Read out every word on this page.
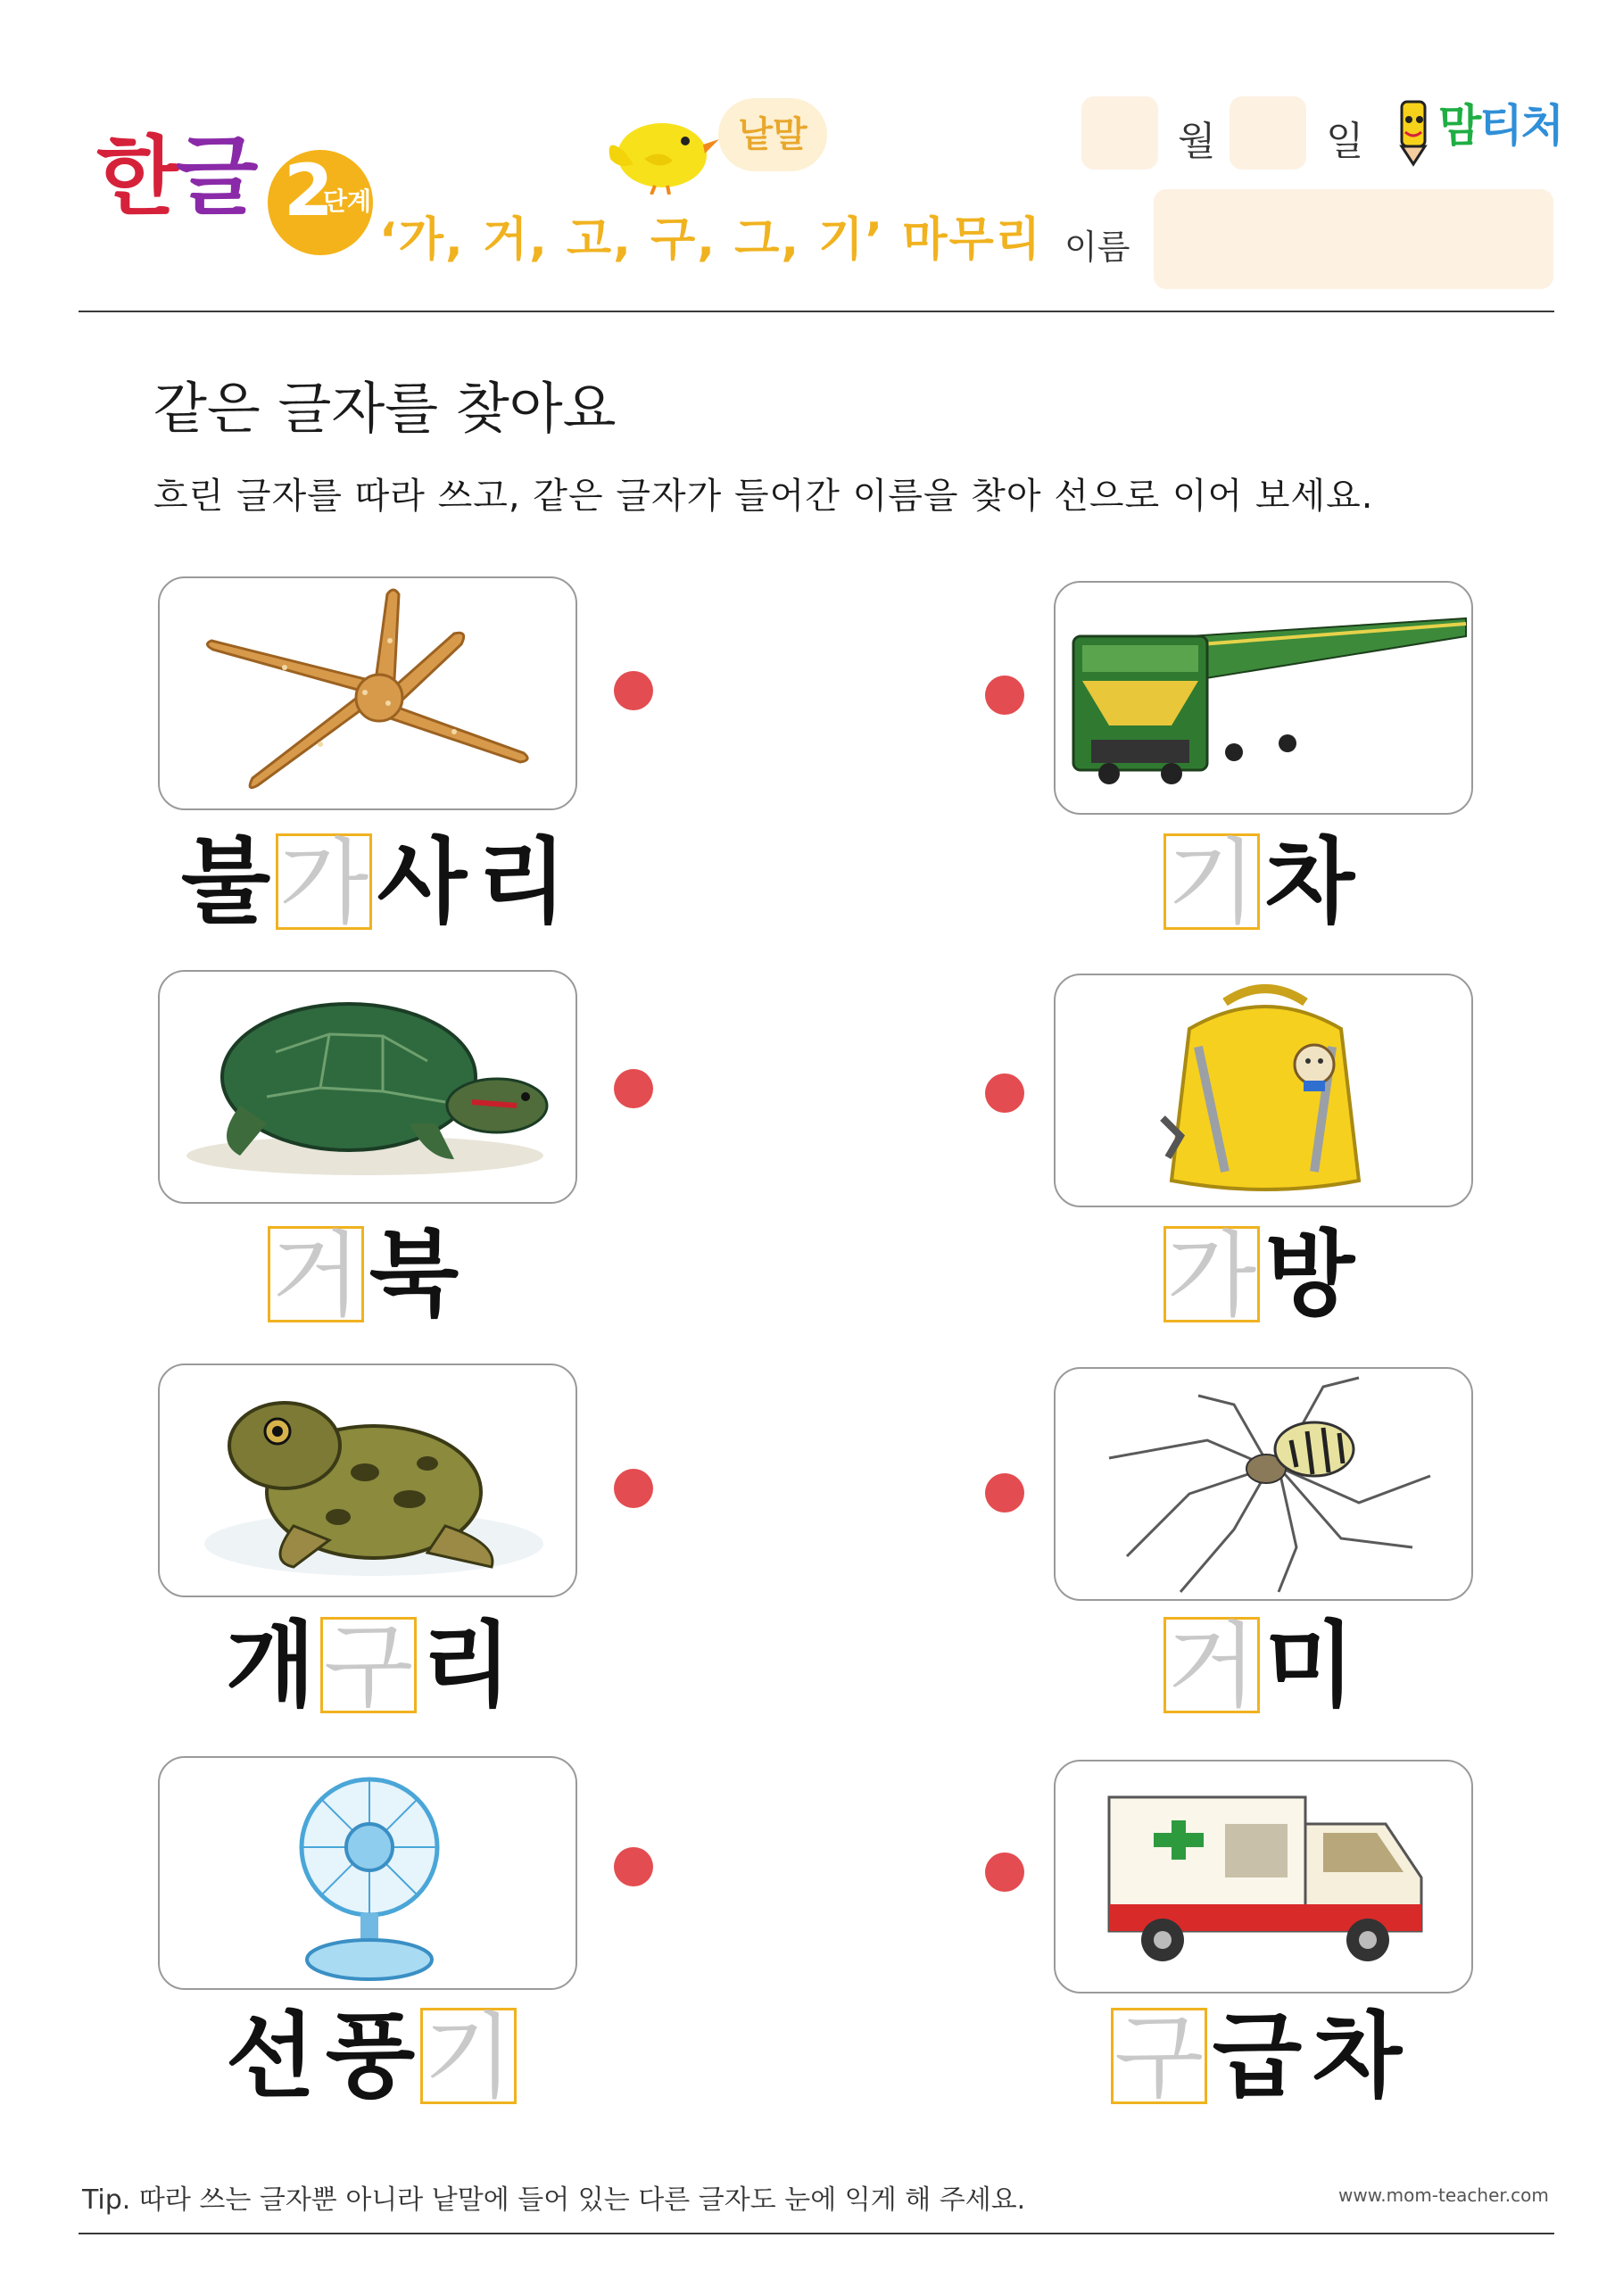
한글 2
단계
낱말
‘가, 거, 고, 구, 그, 기’ 마무리
월	일 맘티처
이름
같은 글자를 찾아요
흐린 글자를 따라 쓰고, 같은 글자가 들어간 이름을 찾아 선으로 이어 보세요.
불 가 사 리
거 북
개 구 리
선 풍 기
기 차
가 방
거 미
구 급 차
Tip. 따라 쓰는 글자뿐 아니라 낱말에 들어 있는 다른 글자도 눈에 익게 해 주세요.	www.mom-teacher.com
